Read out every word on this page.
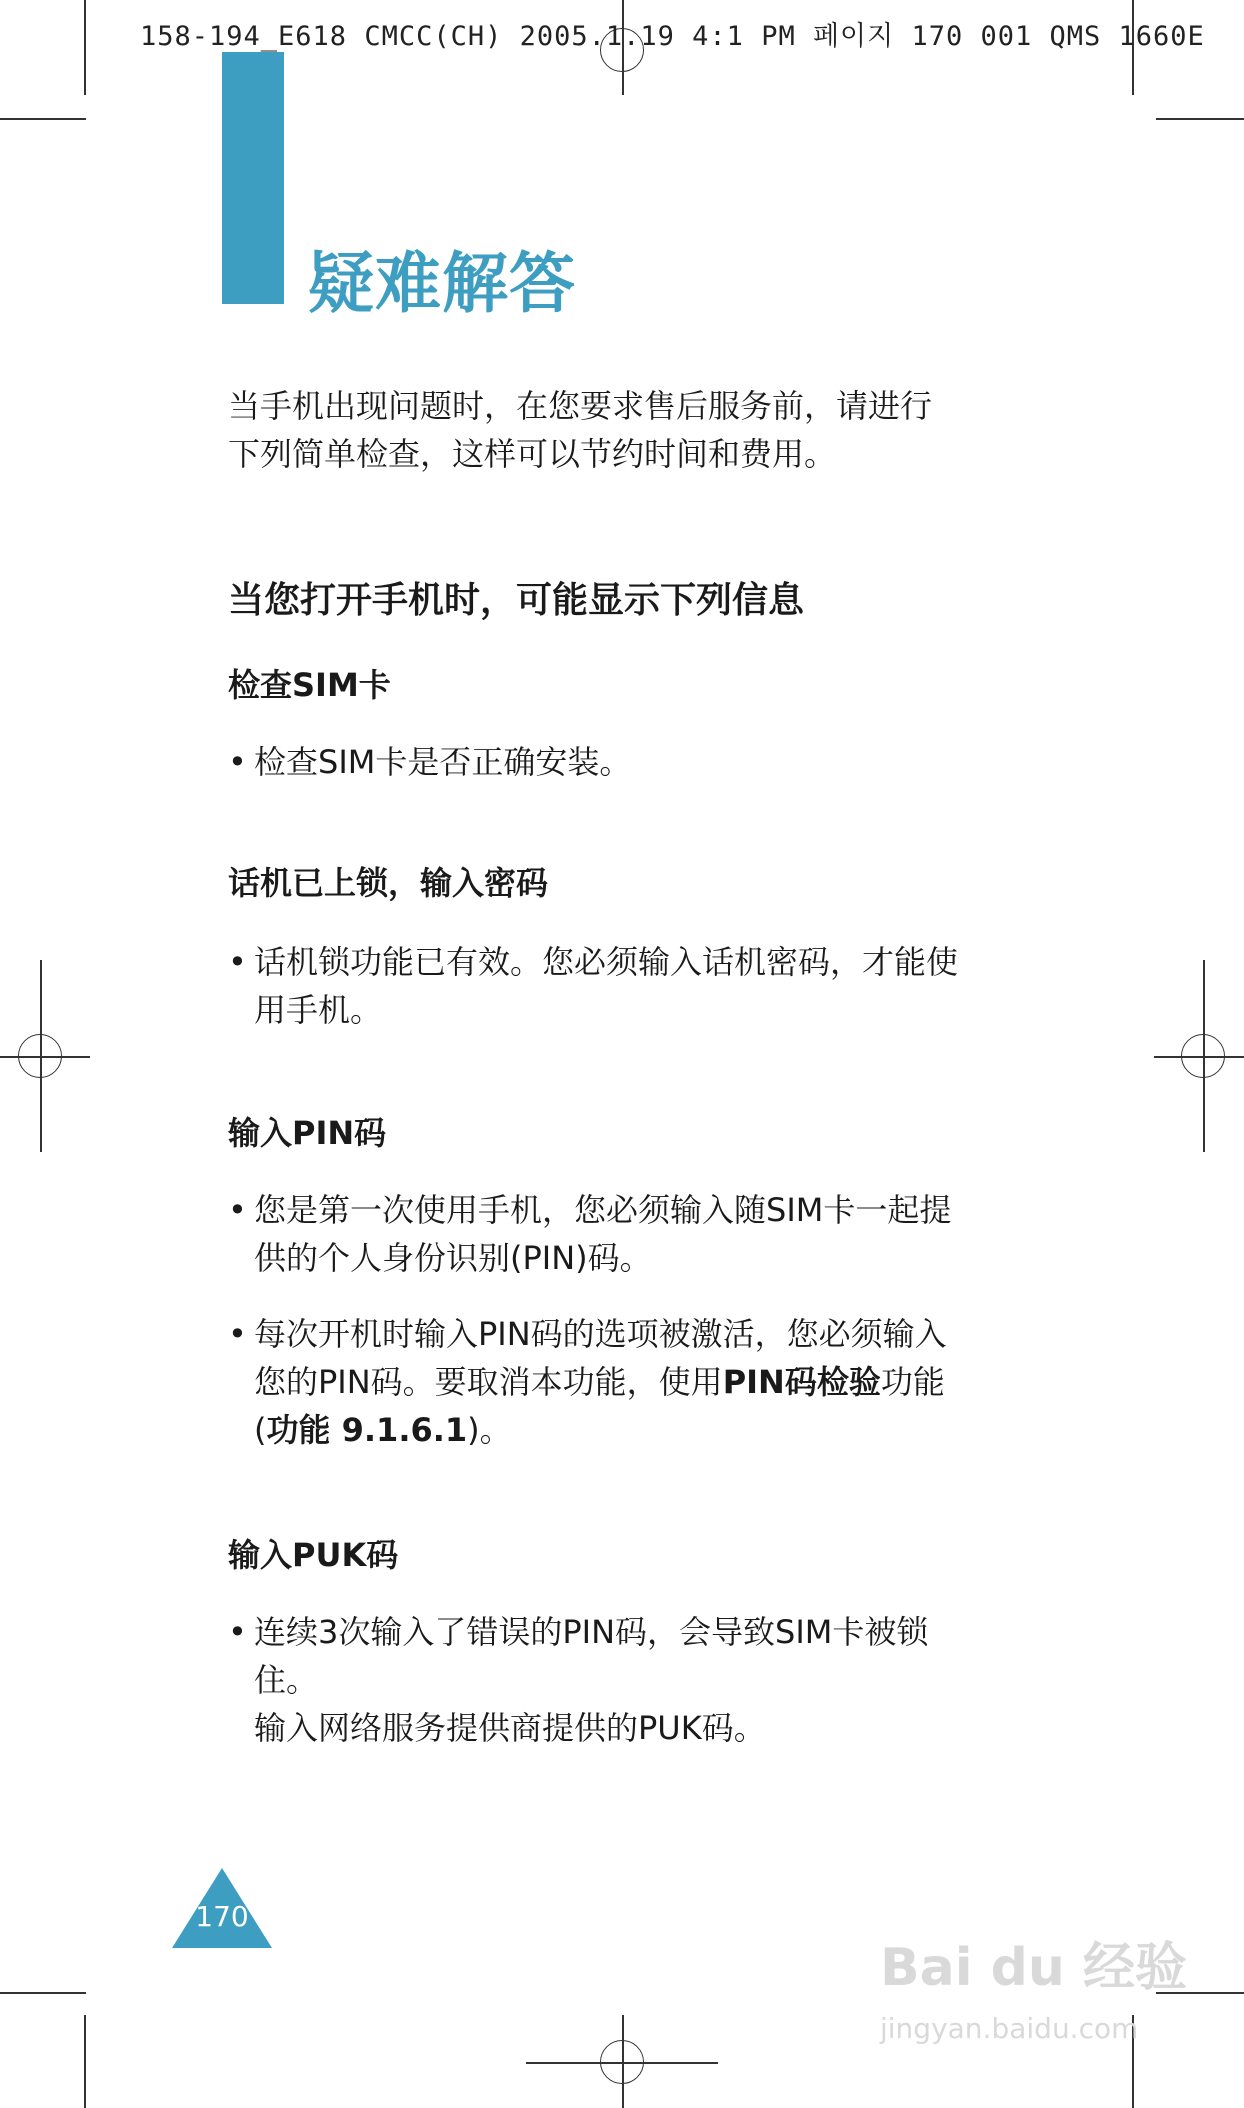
158-194_E618 CMCC(CH) 2005.1.19 4:1 PM 페이지 170 001 QMS 1660E
疑难解答
当手机出现问题时，在您要求售后服务前，请进行
下列简单检查，这样可以节约时间和费用。
当您打开手机时，可能显示下列信息
检查SIM卡
• 检查SIM卡是否正确安装。
话机已上锁，输入密码
• 话机锁功能已有效。您必须输入话机密码，才能使
用手机。
输入PIN码
• 您是第一次使用手机，您必须输入随SIM卡一起提
供的个人身份识别(PIN)码。
• 每次开机时输入PIN码的选项被激活，您必须输入
您的PIN码。要取消本功能，使用PIN码检验功能
(功能 9.1.6.1)。
输入PUK码
• 连续3次输入了错误的PIN码，会导致SIM卡被锁
住。
输入网络服务提供商提供的PUK码。
170
Bai du 经验
jingyan.baidu.com
